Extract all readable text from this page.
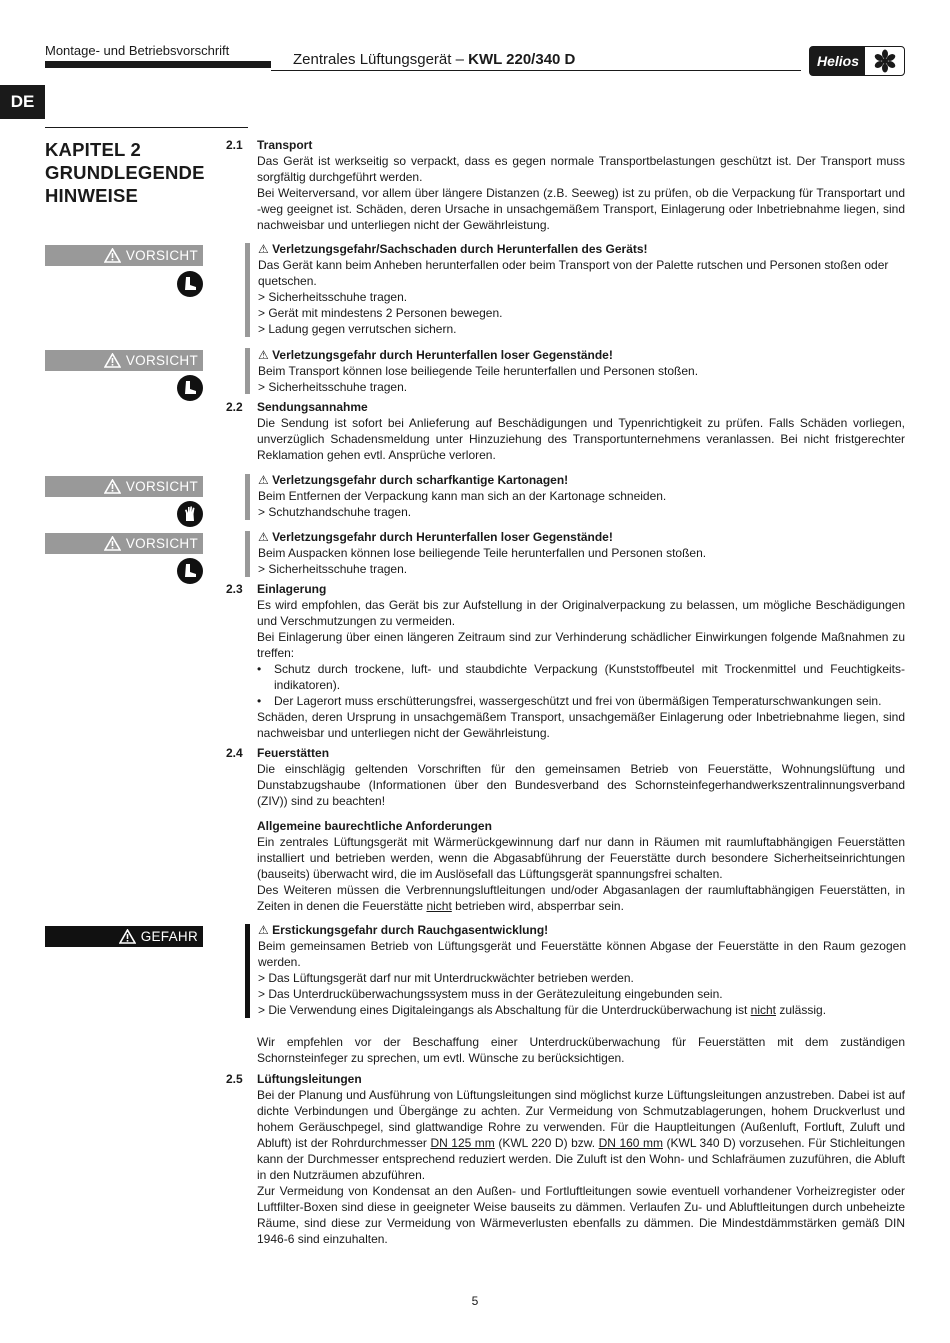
Montage- und Betriebsvorschrift
Zentrales Lüftungsgerät – KWL 220/340 D	Helios
DE
KAPITEL 2
GRUNDLEGENDE
HINWEISE
2.1 Transport
Das Gerät ist werkseitig so verpackt, dass es gegen normale Transportbelastungen geschützt ist. Der Transport muss sorgfältig durchgeführt werden.
Bei Weiterversand, vor allem über längere Distanzen (z.B. Seeweg) ist zu prüfen, ob die Verpackung für Transportart und -weg geeignet ist. Schäden, deren Ursache in unsachgemäßem Transport, Einlagerung oder Inbetriebnahme liegen, sind nachweisbar und unterliegen nicht der Gewährleistung.
VORSICHT	⚠ Verletzungsgefahr/Sachschaden durch Herunterfallen des Geräts!
Das Gerät kann beim Anheben herunterfallen oder beim Transport von der Palette rutschen und Personen stoßen oder quetschen.
> Sicherheitsschuhe tragen.
> Gerät mit mindestens 2 Personen bewegen.
> Ladung gegen verrutschen sichern.
VORSICHT	⚠ Verletzungsgefahr durch Herunterfallen loser Gegenstände!
Beim Transport können lose beiliegende Teile herunterfallen und Personen stoßen.
> Sicherheitsschuhe tragen.
2.2 Sendungsannahme
Die Sendung ist sofort bei Anlieferung auf Beschädigungen und Typenrichtigkeit zu prüfen. Falls Schäden vorliegen, unverzüglich Schadensmeldung unter Hinzuziehung des Transportunternehmens veranlassen. Bei nicht fristgerechter Reklamation gehen evtl. Ansprüche verloren.
VORSICHT	⚠ Verletzungsgefahr durch scharfkantige Kartonagen!
Beim Entfernen der Verpackung kann man sich an der Kartonage schneiden.
> Schutzhandschuhe tragen.
VORSICHT	⚠ Verletzungsgefahr durch Herunterfallen loser Gegenstände!
Beim Auspacken können lose beiliegende Teile herunterfallen und Personen stoßen.
> Sicherheitsschuhe tragen.
2.3 Einlagerung
Es wird empfohlen, das Gerät bis zur Aufstellung in der Originalverpackung zu belassen, um mögliche Beschädigungen und Verschmutzungen zu vermeiden.
Bei Einlagerung über einen längeren Zeitraum sind zur Verhinderung schädlicher Einwirkungen folgende Maßnahmen zu treffen:
•	Schutz durch trockene, luft- und staubdichte Verpackung (Kunststoffbeutel mit Trockenmittel und Feuchtigkeits-indikatoren).
•	Der Lagerort muss erschütterungsfrei, wassergeschützt und frei von übermäßigen Temperaturschwankungen sein.
Schäden, deren Ursprung in unsachgemäßem Transport, unsachgemäßer Einlagerung oder Inbetriebnahme liegen, sind nachweisbar und unterliegen nicht der Gewährleistung.
2.4 Feuerstätten
Die einschlägig geltenden Vorschriften für den gemeinsamen Betrieb von Feuerstätte, Wohnungslüftung und Dunstabzugshaube (Informationen über den Bundesverband des Schornsteinfegerhandwerkszentralinnungsverband (ZIV)) sind zu beachten!
Allgemeine baurechtliche Anforderungen
Ein zentrales Lüftungsgerät mit Wärmerückgewinnung darf nur dann in Räumen mit raumluftabhängigen Feuerstätten installiert und betrieben werden, wenn die Abgasabführung der Feuerstätte durch besondere Sicherheitseinrichtungen (bauseits) überwacht wird, die im Auslösefall das Lüftungsgerät spannungsfrei schalten.
Des Weiteren müssen die Verbrennungsluftleitungen und/oder Abgasanlagen der raumluftabhängigen Feuerstätten, in Zeiten in denen die Feuerstätte nicht betrieben wird, absperrbar sein.
GEFAHR	⚠ Erstickungsgefahr durch Rauchgasentwicklung!
Beim gemeinsamen Betrieb von Lüftungsgerät und Feuerstätte können Abgase der Feuerstätte in den Raum gezogen werden.
> Das Lüftungsgerät darf nur mit Unterdruckwächter betrieben werden.
> Das Unterdrucküberwachungssystem muss in der Gerätezuleitung eingebunden sein.
> Die Verwendung eines Digitaleingangs als Abschaltung für die Unterdrucküberwachung ist nicht zulässig.
Wir empfehlen vor der Beschaffung einer Unterdrucküberwachung für Feuerstätten mit dem zuständigen Schornsteinfeger zu sprechen, um evtl. Wünsche zu berücksichtigen.
2.5 Lüftungsleitungen
Bei der Planung und Ausführung von Lüftungsleitungen sind möglichst kurze Lüftungsleitungen anzustreben. Dabei ist auf dichte Verbindungen und Übergänge zu achten. Zur Vermeidung von Schmutzablagerungen, hohem Druckverlust und hohem Geräuschpegel, sind glattwandige Rohre zu verwenden. Für die Hauptleitungen (Außenluft, Fortluft, Zuluft und Abluft) ist der Rohrdurchmesser DN 125 mm (KWL 220 D) bzw. DN 160 mm (KWL 340 D) vorzusehen. Für Stichleitungen kann der Durchmesser entsprechend reduziert werden. Die Zuluft ist den Wohn- und Schlafräumen zuzuführen, die Abluft in den Nutzräumen abzuführen.
Zur Vermeidung von Kondensat an den Außen- und Fortluftleitungen sowie eventuell vorhandener Vorheizregister oder Luftfilter-Boxen sind diese in geeigneter Weise bauseits zu dämmen. Verlaufen Zu- und Abluftleitungen durch unbeheizte Räume, sind diese zur Vermeidung von Wärmeverlusten ebenfalls zu dämmen. Die Mindestdämmstärken gemäß DIN 1946-6 sind einzuhalten.
5
